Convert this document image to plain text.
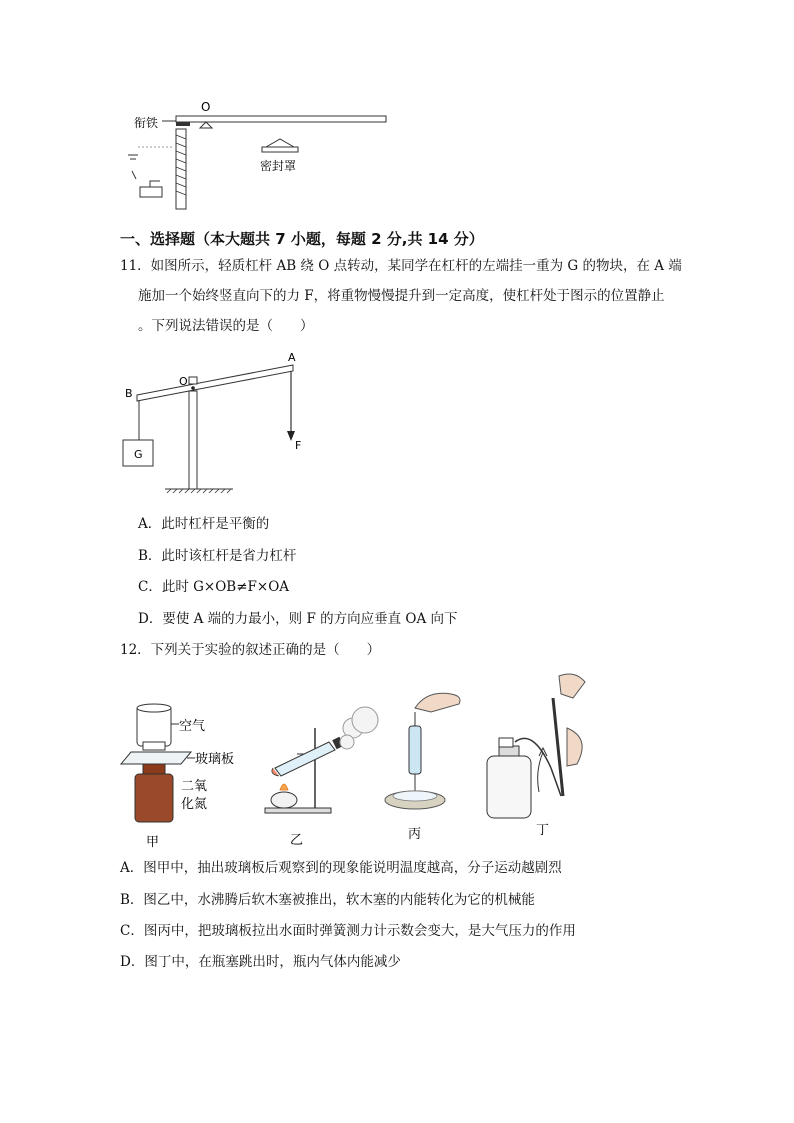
衔铁
O
密封罩
一、选择题（本大题共 7 小题，每题 2 分,共 14 分）
11．如图所示，轻质杠杆 AB 绕 O 点转动，某同学在杠杆的左端挂一重为 G 的物块，在 A 端
施加一个始终竖直向下的力 F，将重物慢慢提升到一定高度，使杠杆处于图示的位置静止
。下列说法错误的是（　　）
G
F
A
B
O
A．此时杠杆是平衡的
B．此时该杠杆是省力杠杆
C．此时 G×OB≠F×OA
D．要使 A 端的力最小，则 F 的方向应垂直 OA 向下
12．下列关于实验的叙述正确的是（　　）
空气
玻璃板
二氧
化氮
甲	乙	丙	丁
A．图甲中，抽出玻璃板后观察到的现象能说明温度越高，分子运动越剧烈
B．图乙中，水沸腾后软木塞被推出，软木塞的内能转化为它的机械能
C．图丙中，把玻璃板拉出水面时弹簧测力计示数会变大，是大气压力的作用
D．图丁中，在瓶塞跳出时，瓶内气体内能减少
